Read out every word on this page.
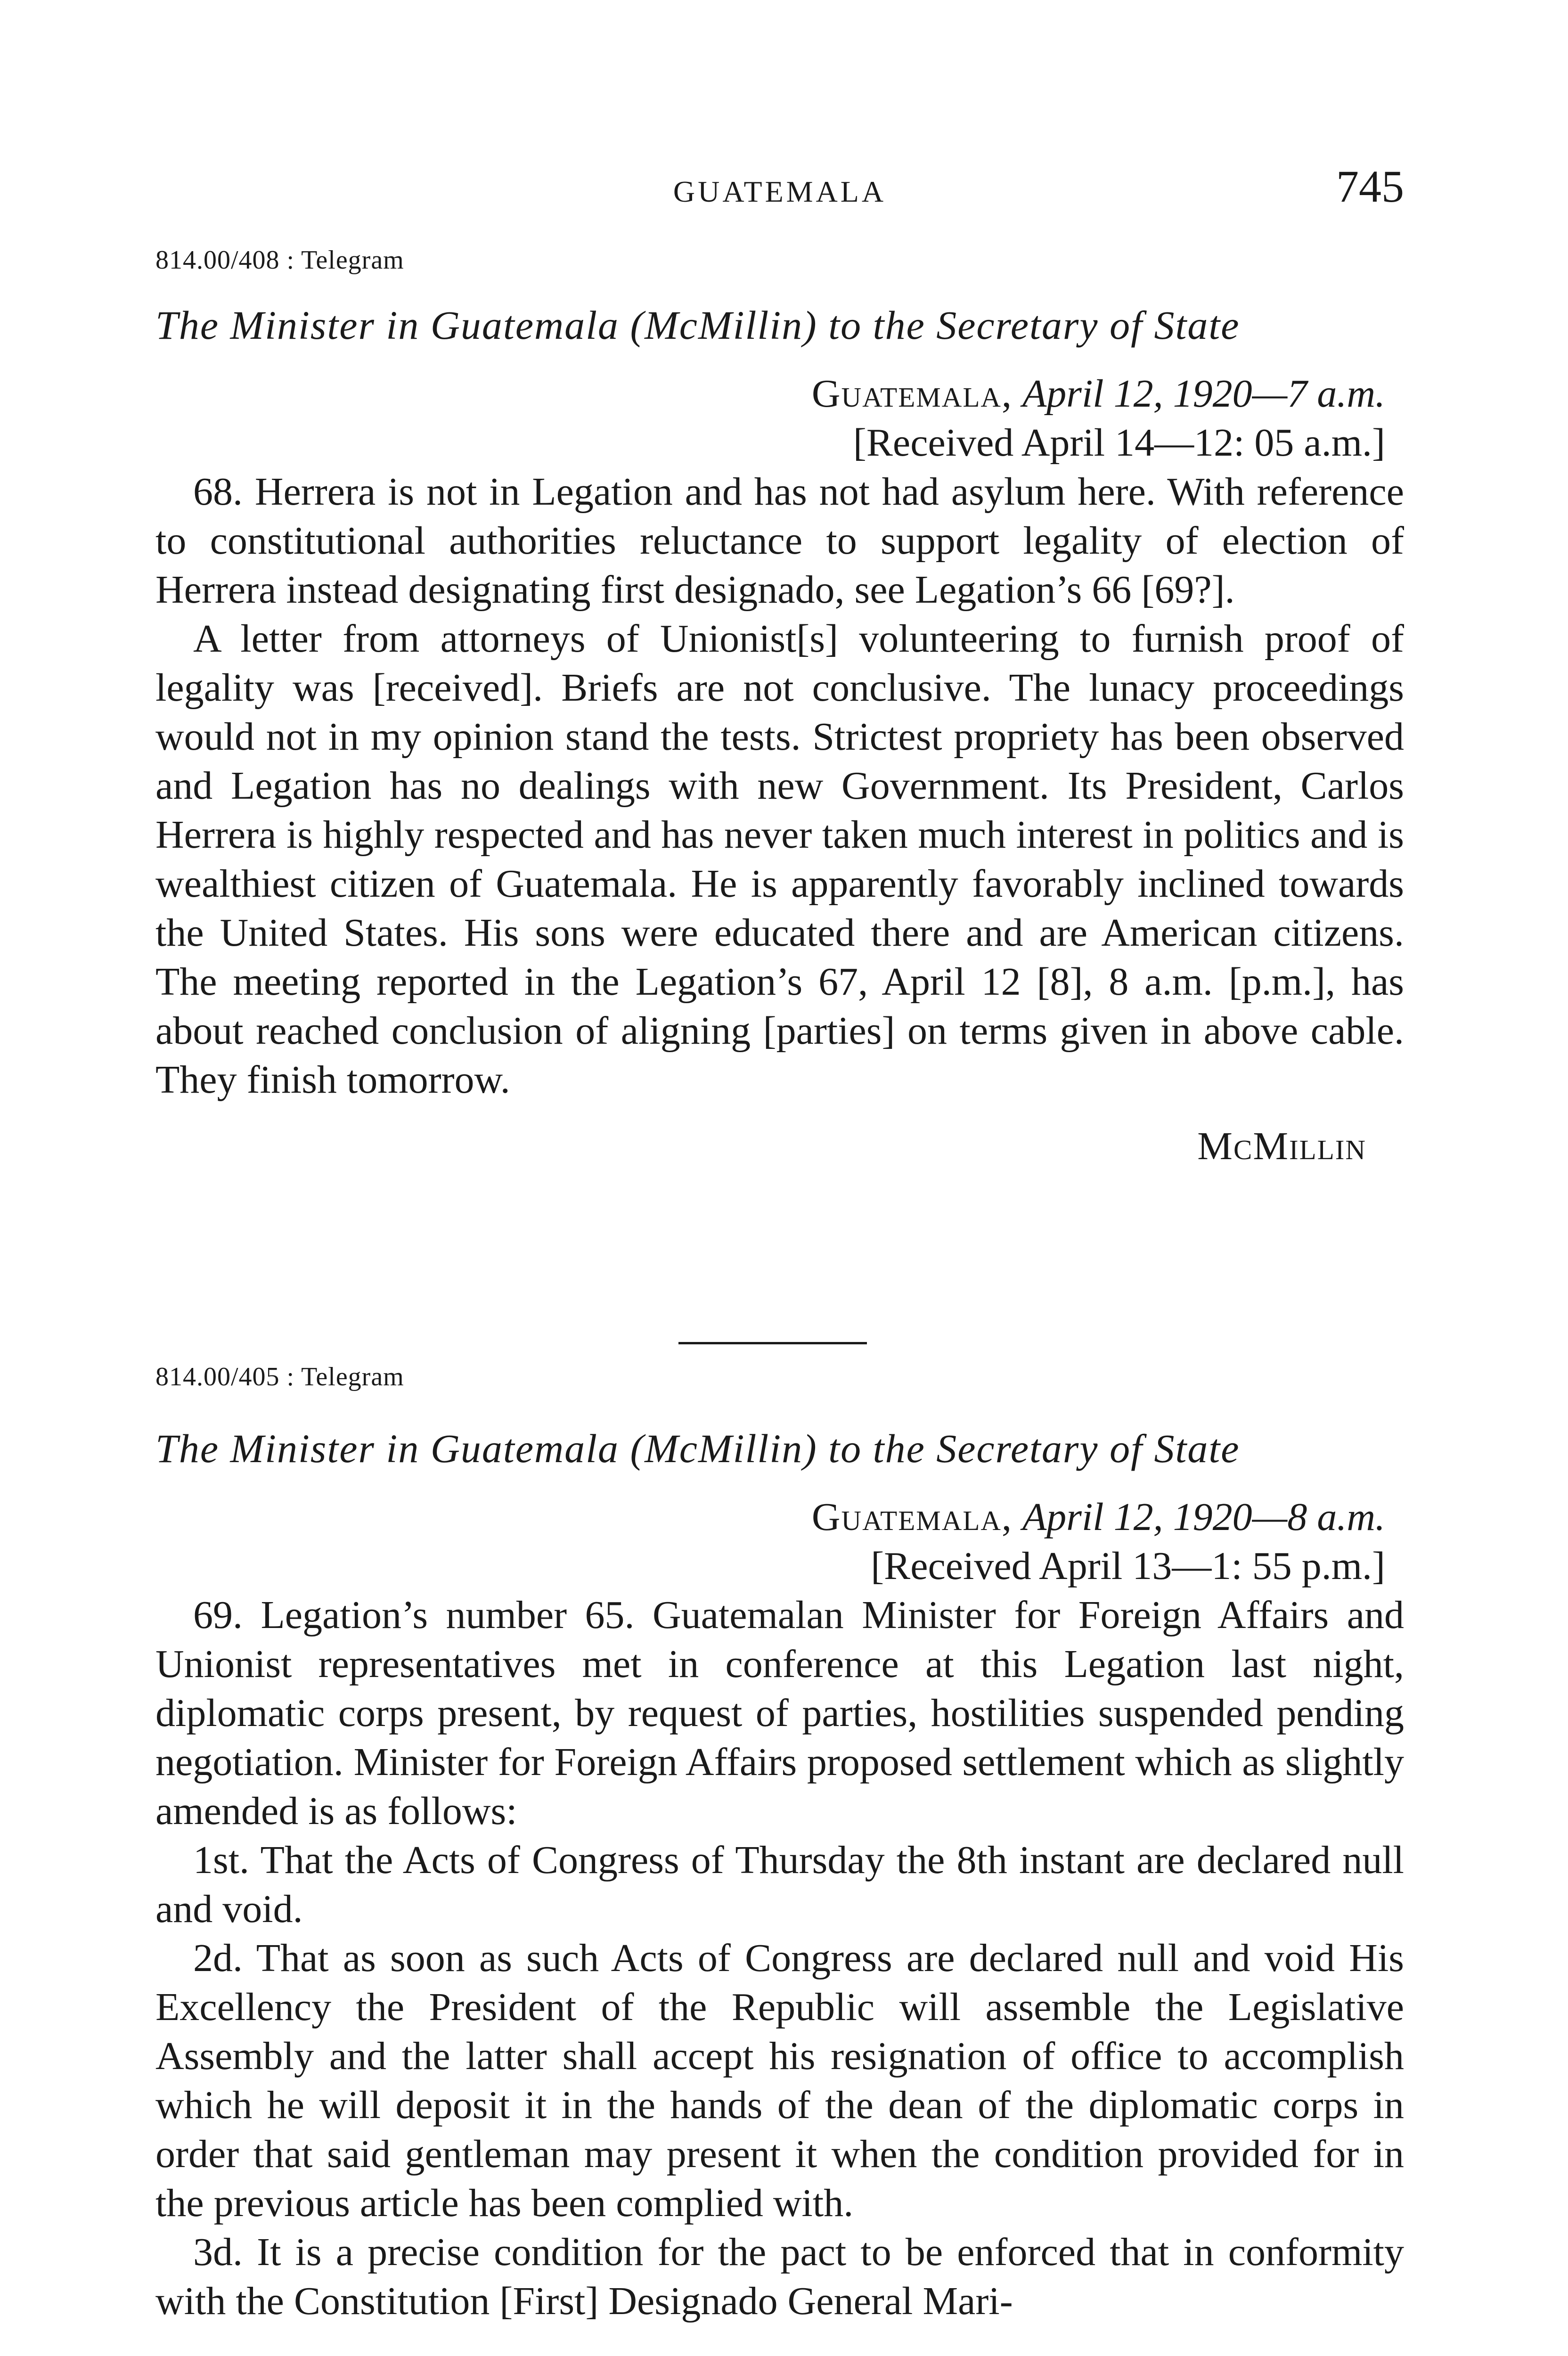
GUATEMALA	745
814.00/408 : Telegram
The Minister in Guatemala (McMillin) to the Secretary of State
Guatemala, April 12, 1920—7 a.m.
[Received April 14—12: 05 a.m.]

68. Herrera is not in Legation and has not had asylum here. With reference to constitutional authorities reluctance to support legality of election of Herrera instead designating first designado, see Legation’s 66 [69?].

A letter from attorneys of Unionist[s] volunteering to furnish proof of legality was [received]. Briefs are not conclusive. The lunacy proceedings would not in my opinion stand the tests. Strictest propriety has been observed and Legation has no dealings with new Government. Its President, Carlos Herrera is highly respected and has never taken much interest in politics and is wealthiest citizen of Guatemala. He is apparently favorably inclined towards the United States. His sons were educated there and are American citizens. The meeting reported in the Legation’s 67, April 12 [8], 8 a.m. [p.m.], has about reached conclusion of aligning [parties] on terms given in above cable. They finish tomorrow.

McMillin
814.00/405 : Telegram
The Minister in Guatemala (McMillin) to the Secretary of State
Guatemala, April 12, 1920—8 a.m.
[Received April 13—1: 55 p.m.]

69. Legation’s number 65. Guatemalan Minister for Foreign Affairs and Unionist representatives met in conference at this Legation last night, diplomatic corps present, by request of parties, hostilities suspended pending negotiation. Minister for Foreign Affairs proposed settlement which as slightly amended is as follows:

1st. That the Acts of Congress of Thursday the 8th instant are declared null and void.

2d. That as soon as such Acts of Congress are declared null and void His Excellency the President of the Republic will assemble the Legislative Assembly and the latter shall accept his resignation of office to accomplish which he will deposit it in the hands of the dean of the diplomatic corps in order that said gentleman may present it when the condition provided for in the previous article has been complied with.

3d. It is a precise condition for the pact to be enforced that in conformity with the Constitution [First] Designado General Mari-
